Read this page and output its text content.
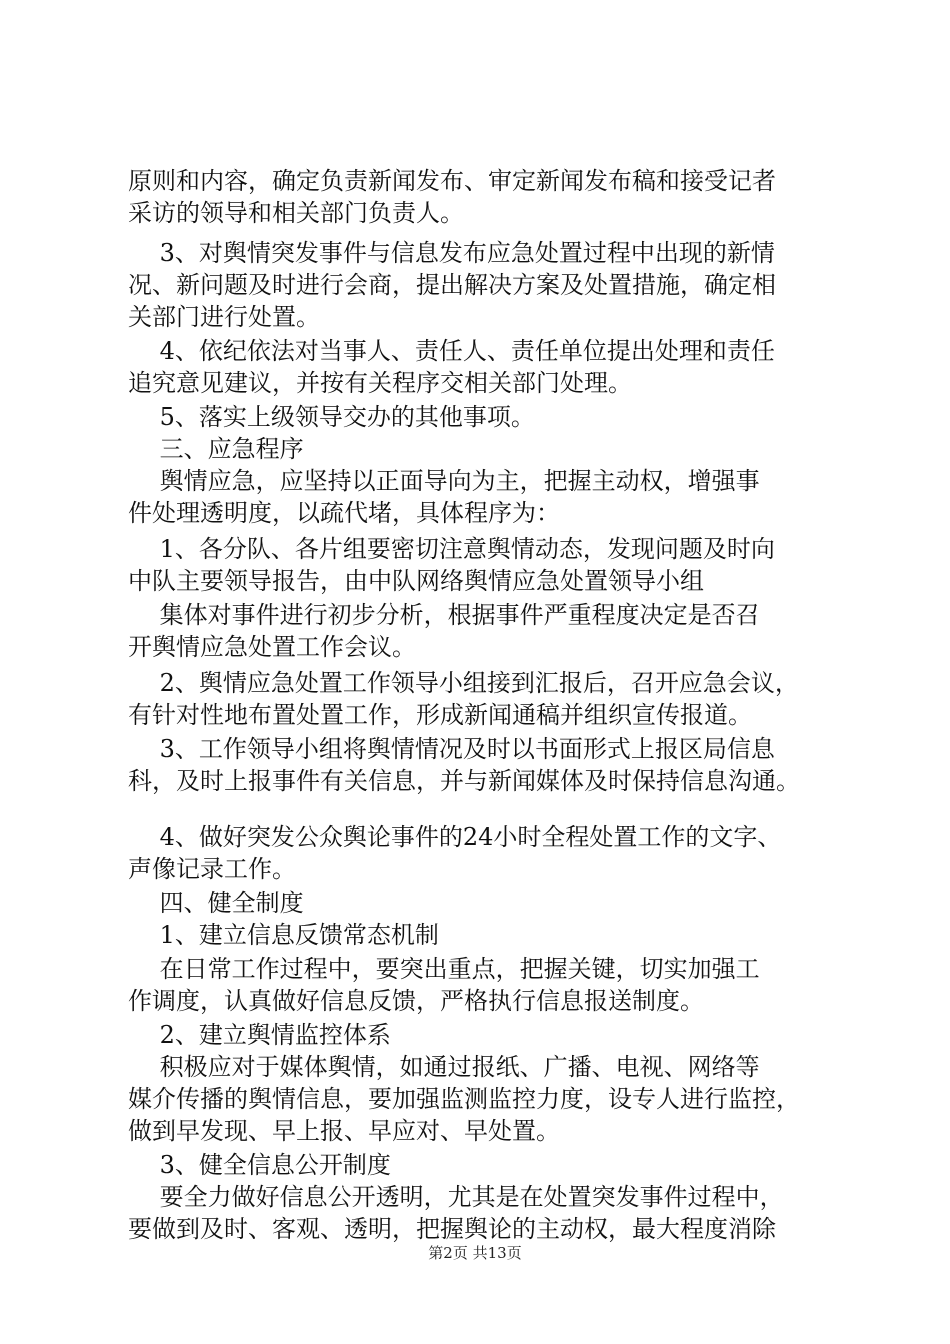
原则和内容，确定负责新闻发布、审定新闻发布稿和接受记者
采访的领导和相关部门负责人。
　 3、对舆情突发事件与信息发布应急处置过程中出现的新情
况、新问题及时进行会商，提出解决方案及处置措施，确定相
关部门进行处置。
　 4、依纪依法对当事人、责任人、责任单位提出处理和责任
追究意见建议，并按有关程序交相关部门处理。
　 5、落实上级领导交办的其他事项。
　 三、应急程序
　 舆情应急，应坚持以正面导向为主，把握主动权，增强事
件处理透明度，以疏代堵，具体程序为：
　 1、各分队、各片组要密切注意舆情动态，发现问题及时向
中队主要领导报告，由中队网络舆情应急处置领导小组
　 集体对事件进行初步分析，根据事件严重程度决定是否召
开舆情应急处置工作会议。
　 2、舆情应急处置工作领导小组接到汇报后，召开应急会议，
有针对性地布置处置工作，形成新闻通稿并组织宣传报道。
　 3、工作领导小组将舆情情况及时以书面形式上报区局信息
科，及时上报事件有关信息，并与新闻媒体及时保持信息沟通。
　 4、做好突发公众舆论事件的24小时全程处置工作的文字、
声像记录工作。
　 四、健全制度
　 1、建立信息反馈常态机制
　 在日常工作过程中，要突出重点，把握关键，切实加强工
作调度，认真做好信息反馈，严格执行信息报送制度。
　 2、建立舆情监控体系
　 积极应对于媒体舆情，如通过报纸、广播、电视、网络等
媒介传播的舆情信息，要加强监测监控力度，设专人进行监控，
做到早发现、早上报、早应对、早处置。
　 3、健全信息公开制度
　 要全力做好信息公开透明，尤其是在处置突发事件过程中，
要做到及时、客观、透明，把握舆论的主动权，最大程度消除
第2页 共13页
